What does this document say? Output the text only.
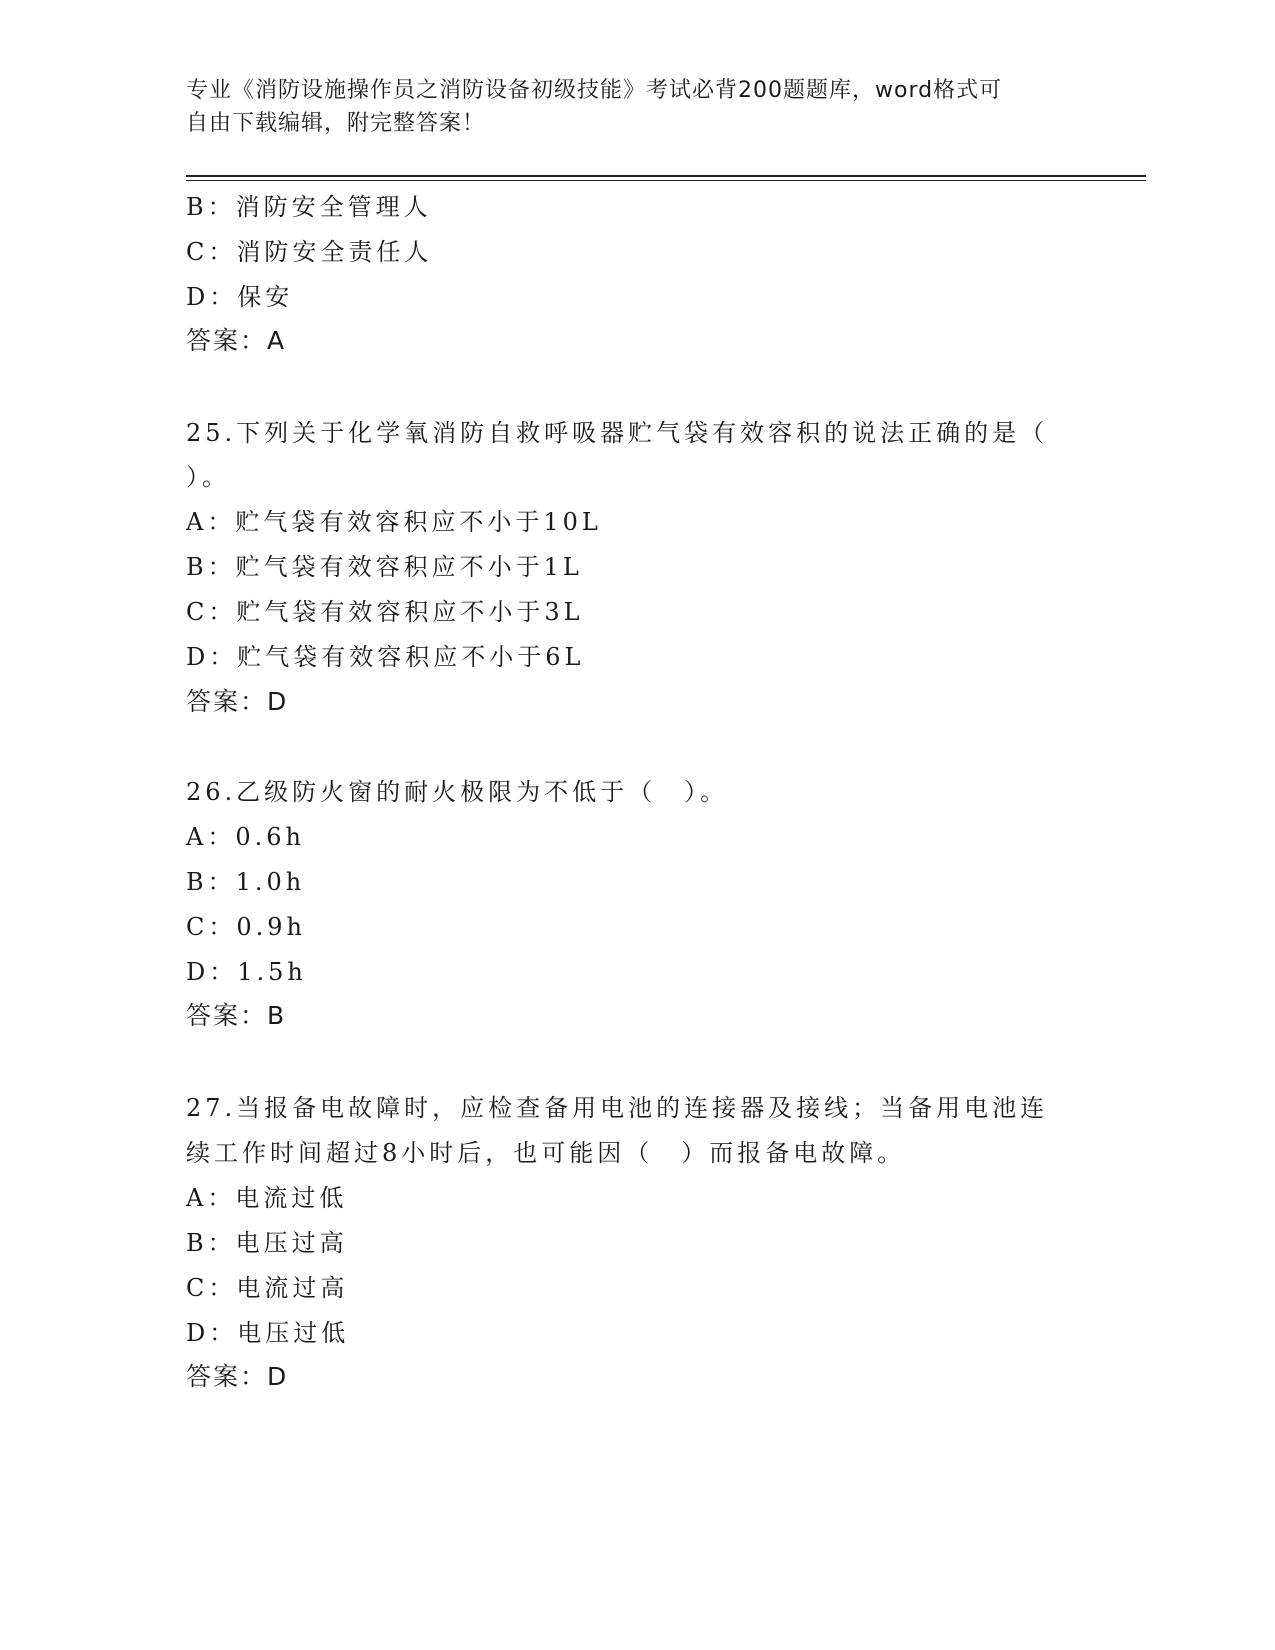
专业《消防设施操作员之消防设备初级技能》考试必背200题题库，word格式可
自由下载编辑，附完整答案！
B：消防安全管理人
C：消防安全责任人
D：保安
答案：A
25.下列关于化学氧消防自救呼吸器贮气袋有效容积的说法正确的是（
）。
A：贮气袋有效容积应不小于10L
B：贮气袋有效容积应不小于1L
C：贮气袋有效容积应不小于3L
D：贮气袋有效容积应不小于6L
答案：D
26.乙级防火窗的耐火极限为不低于（　）。
A：0.6h
B：1.0h
C：0.9h
D：1.5h
答案：B
27.当报备电故障时，应检查备用电池的连接器及接线；当备用电池连
续工作时间超过8小时后，也可能因（　）而报备电故障。
A：电流过低
B：电压过高
C：电流过高
D：电压过低
答案：D
